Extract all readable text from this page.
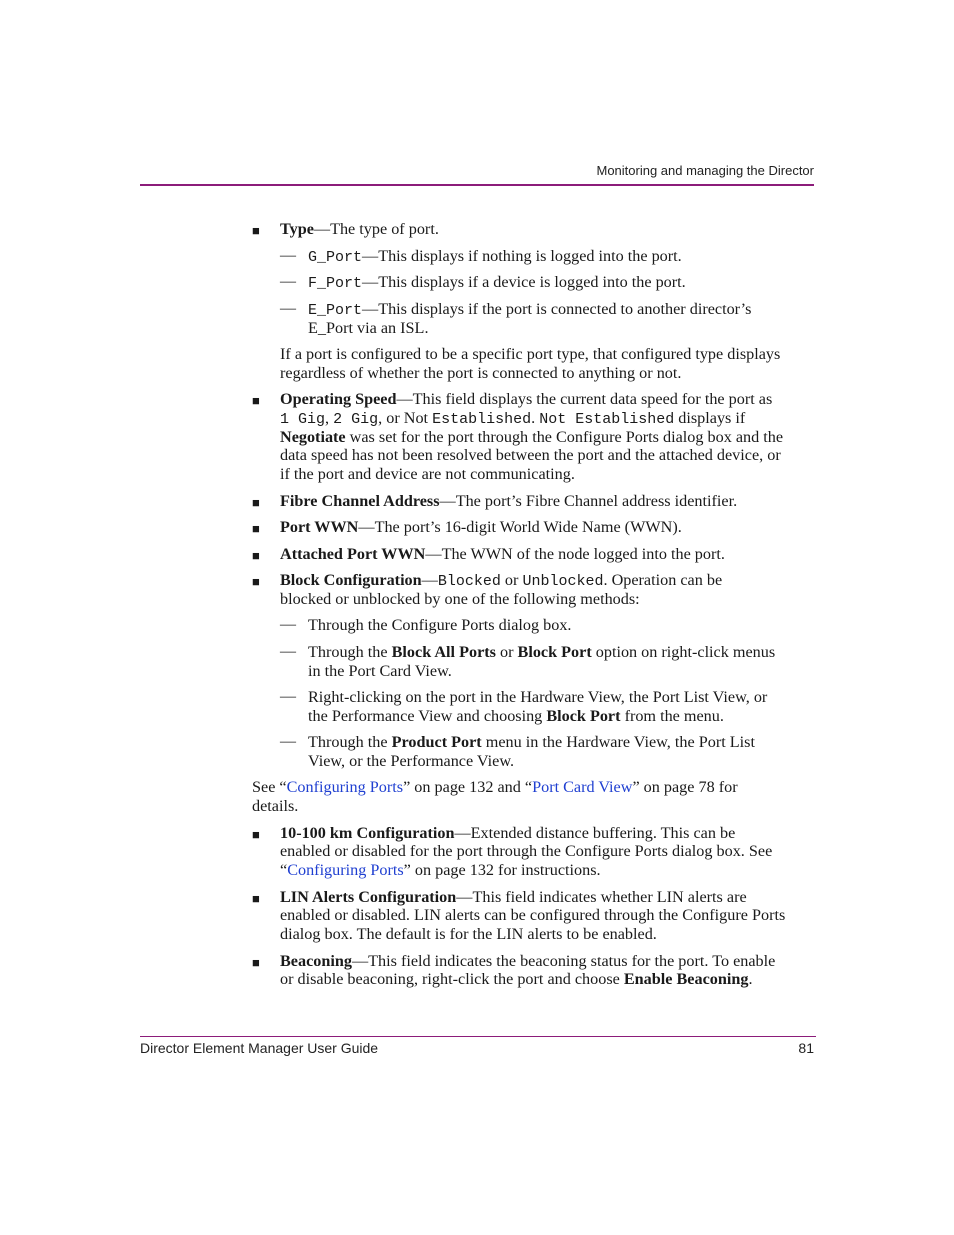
Monitoring and managing the Director
■ Type—The type of port.

— G_Port—This displays if nothing is logged into the port.

— F_Port—This displays if a device is logged into the port.

— E_Port—This displays if the port is connected to another director’s

E_Port via an ISL.

If a port is configured to be a specific port type, that configured type displays

regardless of whether the port is connected to anything or not.

■ Operating Speed—This field displays the current data speed for the port as

1 Gig, 2 Gig, or Not Established. Not Established displays if

Negotiate was set for the port through the Configure Ports dialog box and the

data speed has not been resolved between the port and the attached device, or

if the port and device are not communicating.

■ Fibre Channel Address—The port’s Fibre Channel address identifier.

■ Port WWN—The port’s 16-digit World Wide Name (WWN).

■ Attached Port WWN—The WWN of the node logged into the port.

■ Block Configuration—Blocked or Unblocked. Operation can be

blocked or unblocked by one of the following methods:

— Through the Configure Ports dialog box.

— Through the Block All Ports or Block Port option on right-click menus

in the Port Card View.

— Right-clicking on the port in the Hardware View, the Port List View, or

the Performance View and choosing Block Port from the menu.

— Through the Product Port menu in the Hardware View, the Port List

View, or the Performance View.

See “Configuring Ports” on page 132 and “Port Card View” on page 78 for

details.

■ 10-100 km Configuration—Extended distance buffering. This can be

enabled or disabled for the port through the Configure Ports dialog box. See

“Configuring Ports” on page 132 for instructions.

■ LIN Alerts Configuration—This field indicates whether LIN alerts are

enabled or disabled. LIN alerts can be configured through the Configure Ports

dialog box. The default is for the LIN alerts to be enabled.

■ Beaconing—This field indicates the beaconing status for the port. To enable

or disable beaconing, right-click the port and choose Enable Beaconing.

Director Element Manager User Guide	81
